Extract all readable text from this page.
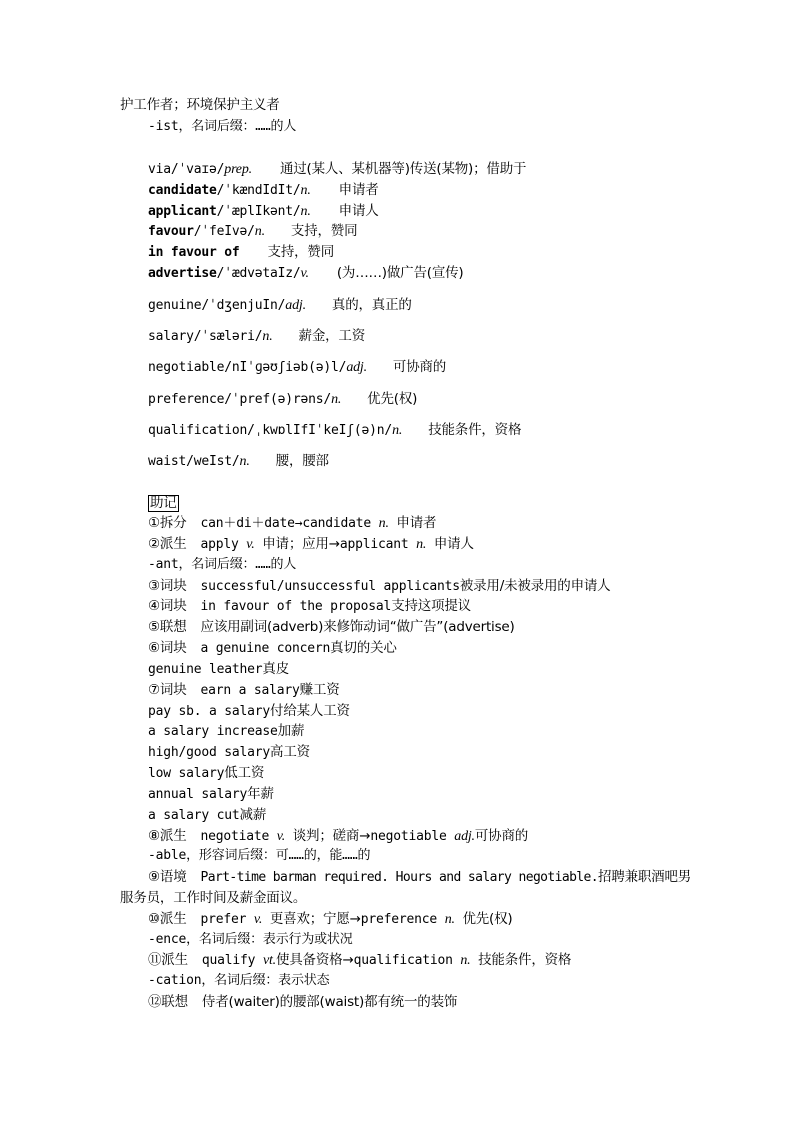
护工作者；环境保护主义者
-ist，名词后缀：……的人
via/ˈvaɪə/prep. 通过(某人、某机器等)传送(某物)；借助于
candidate/ˈkændIdIt/n. 申请者
applicant/ˈæplIkənt/n. 申请人
favour/ˈfeIvə/n. 支持，赞同
in favour of 支持，赞同
advertise/ˈædvətaIz/v. (为……)做广告(宣传)
genuine/ˈdʒenjuIn/adj. 真的，真正的
salary/ˈsæləri/n. 薪金，工资
negotiable/nIˈɡəʊʃiəb(ə)l/adj. 可协商的
preference/ˈpref(ə)rəns/n. 优先(权)
qualification/ˌkwɒlIfIˈkeIʃ(ə)n/n. 技能条件，资格
waist/weIst/n. 腰，腰部
助记
①拆分 can＋di＋date→candidate n. 申请者
②派生 apply v. 申请；应用→applicant n. 申请人
-ant，名词后缀：……的人
③词块 successful/unsuccessful applicants被录用/未被录用的申请人
④词块 in favour of the proposal支持这项提议
⑤联想 应该用副词(adverb)来修饰动词“做广告”(advertise)
⑥词块 a genuine concern真切的关心
genuine leather真皮
⑦词块 earn a salary赚工资
pay sb. a salary付给某人工资
a salary increase加薪
high/good salary高工资
low salary低工资
annual salary年薪
a salary cut减薪
⑧派生 negotiate v. 谈判；磋商→negotiable adj.可协商的
-able，形容词后缀：可……的，能……的
⑨语境 Part-time barman required. Hours and salary negotiable.招聘兼职酒吧男
服务员，工作时间及薪金面议。
⑩派生 prefer v. 更喜欢；宁愿→preference n. 优先(权)
-ence，名词后缀：表示行为或状况
⑪派生 qualify vt.使具备资格→qualification n. 技能条件，资格
-cation，名词后缀：表示状态
⑫联想 侍者(waiter)的腰部(waist)都有统一的装饰
